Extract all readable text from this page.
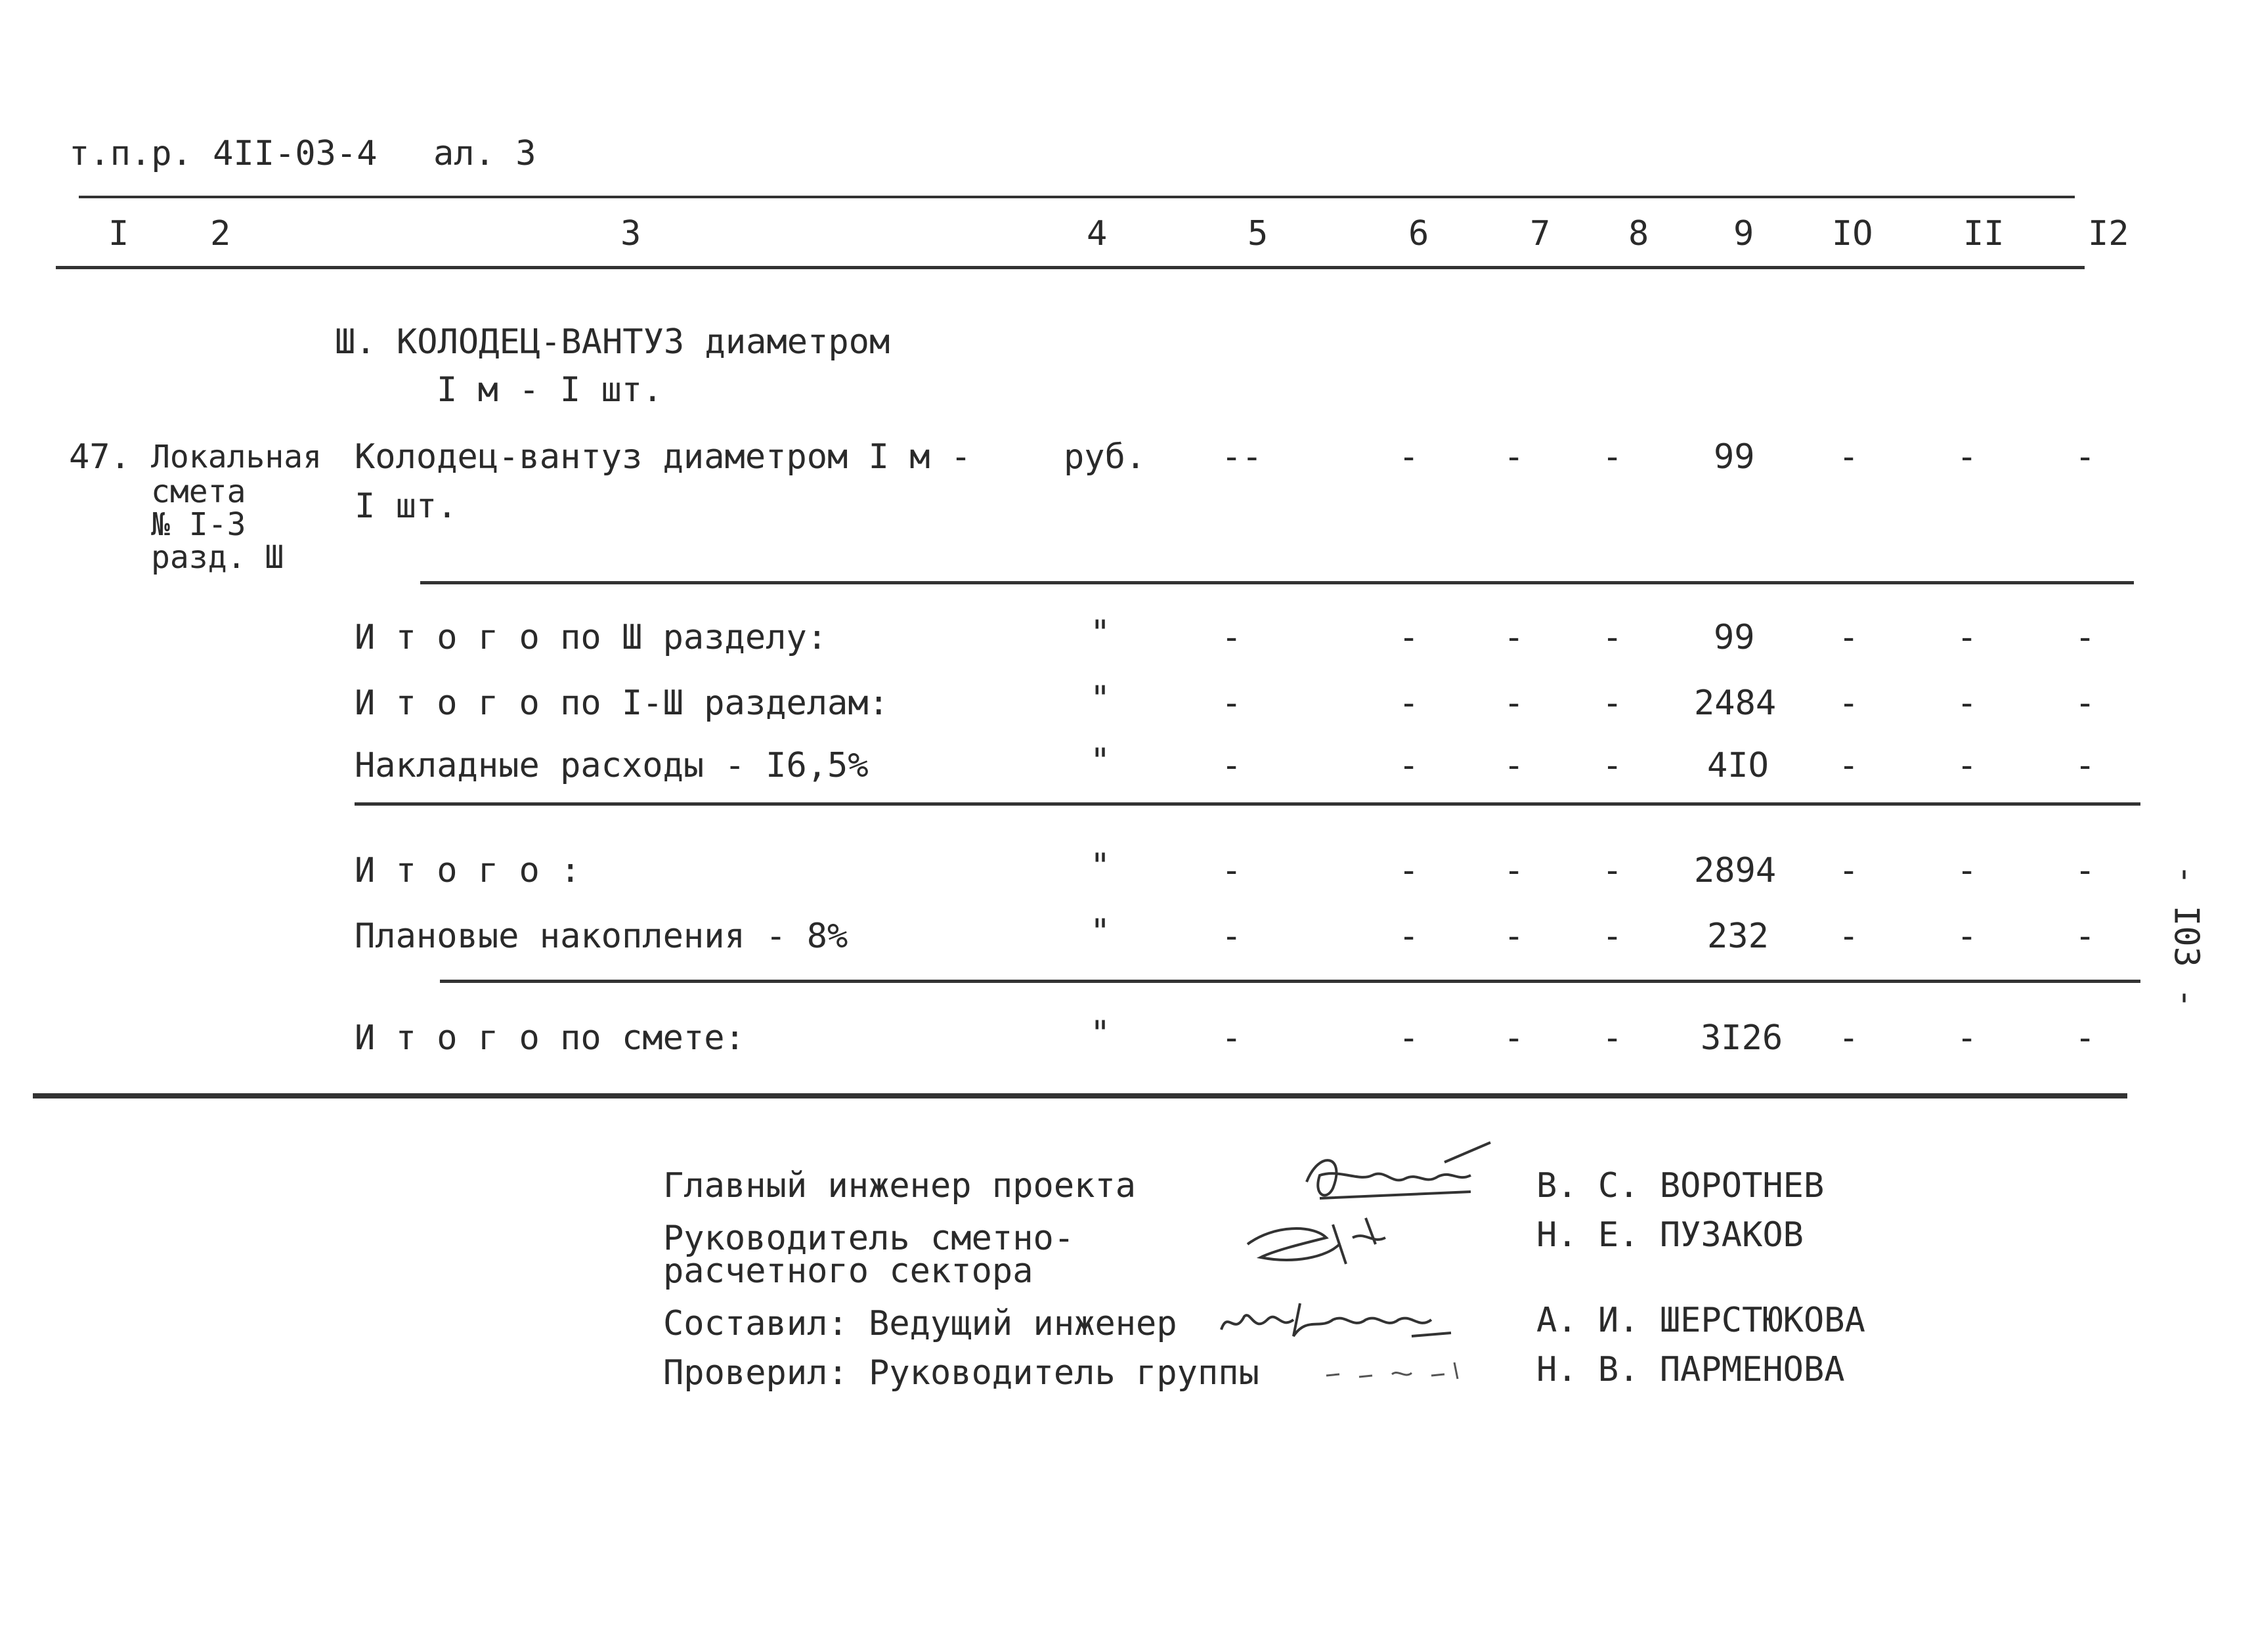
т.п.р. 4II-03-4 ал. 3
I 2	3	4	5	6	7 8 9 IO	II I2
Ш. КОЛОДЕЦ-ВАНТУЗ диаметром
I м - I шт.
47. Локальная
смета
№ I-3
разд. Ш
Колодец-вантуз диаметром I м -
I шт.
руб. --	- - -	99 -	-	-
И т о г о по Ш разделу:	"	-	- - -	99 -	-	-
И т о г о по I-Ш разделам:	"	-	- - - 2484 -	-	-
Накладные расходы - I6,5%	"	-	- - - 4IO -	-	-
И т о г о :	"	-	- - - 2894 -	-	-
Плановые накопления - 8%	"	-	- - - 232 -	-	-
И т о г о по смете:	"	-	- - - 3I26 -	-	-
- I03 -
Главный инженер проекта	В. С. ВОРОТНЕВ
Руководитель сметно-
расчетного сектора
Н. Е. ПУЗАКОВ
Составил: Ведущий инженер	А. И. ШЕРСТЮКОВА
Проверил: Руководитель группы	Н. В. ПАРМЕНОВА
